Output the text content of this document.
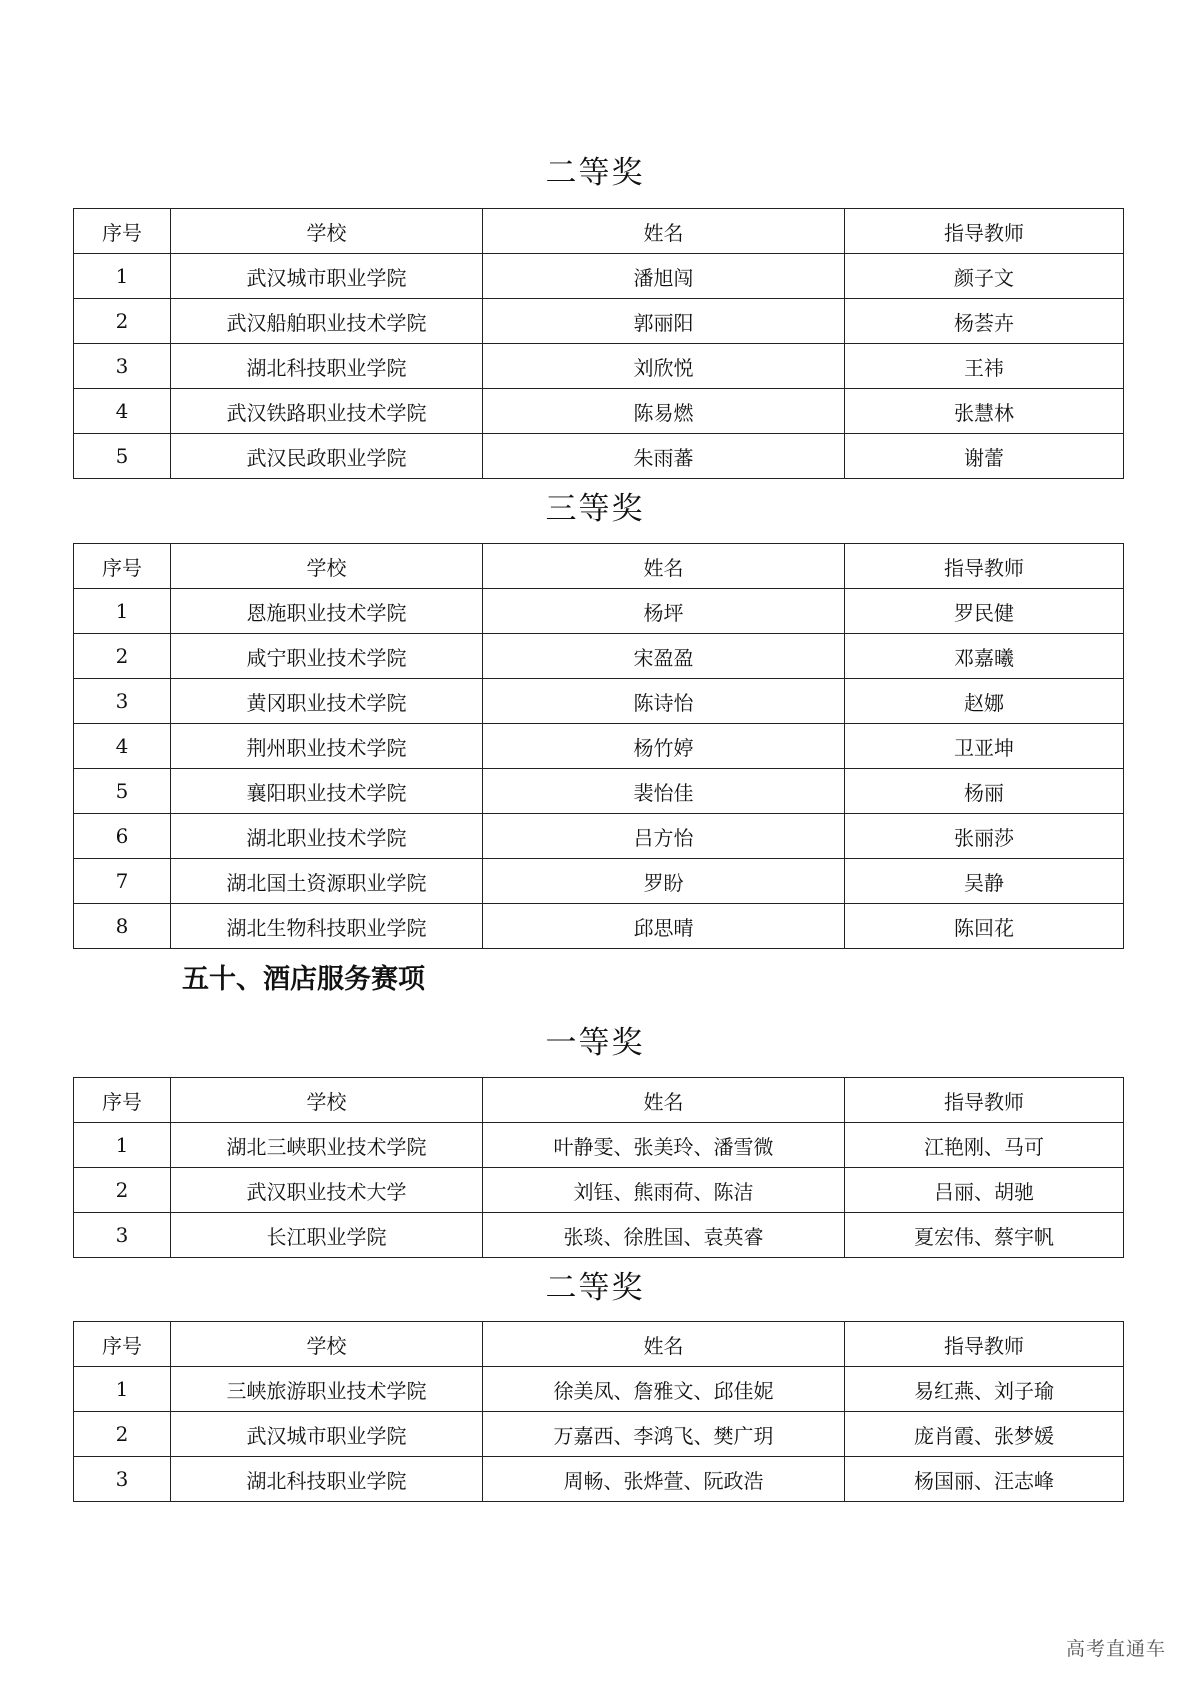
二等奖
序号	学校	姓名	指导教师
1	武汉城市职业学院	潘旭闯	颜子文
2	武汉船舶职业技术学院	郭丽阳	杨荟卉
3	湖北科技职业学院	刘欣悦	王祎
4	武汉铁路职业技术学院	陈易燃	张慧林
5	武汉民政职业学院	朱雨蕃	谢蕾
三等奖
序号	学校	姓名	指导教师
1	恩施职业技术学院	杨坪	罗民健
2	咸宁职业技术学院	宋盈盈	邓嘉曦
3	黄冈职业技术学院	陈诗怡	赵娜
4	荆州职业技术学院	杨竹婷	卫亚坤
5	襄阳职业技术学院	裴怡佳	杨丽
6	湖北职业技术学院	吕方怡	张丽莎
7	湖北国土资源职业学院	罗盼	吴静
8	湖北生物科技职业学院	邱思晴	陈回花
五十、酒店服务赛项
一等奖
序号	学校	姓名	指导教师
1	湖北三峡职业技术学院	叶静雯、张美玲、潘雪微	江艳刚、马可
2	武汉职业技术大学	刘钰、熊雨荷、陈洁	吕丽、胡驰
3	长江职业学院	张琰、徐胜国、袁英睿	夏宏伟、蔡宇帆
二等奖
序号	学校	姓名	指导教师
1	三峡旅游职业技术学院	徐美凤、詹雅文、邱佳妮	易红燕、刘子瑜
2	武汉城市职业学院	万嘉西、李鸿飞、樊广玥	庞肖霞、张梦媛
3	湖北科技职业学院	周畅、张烨萱、阮政浩	杨国丽、汪志峰
高考直通车
